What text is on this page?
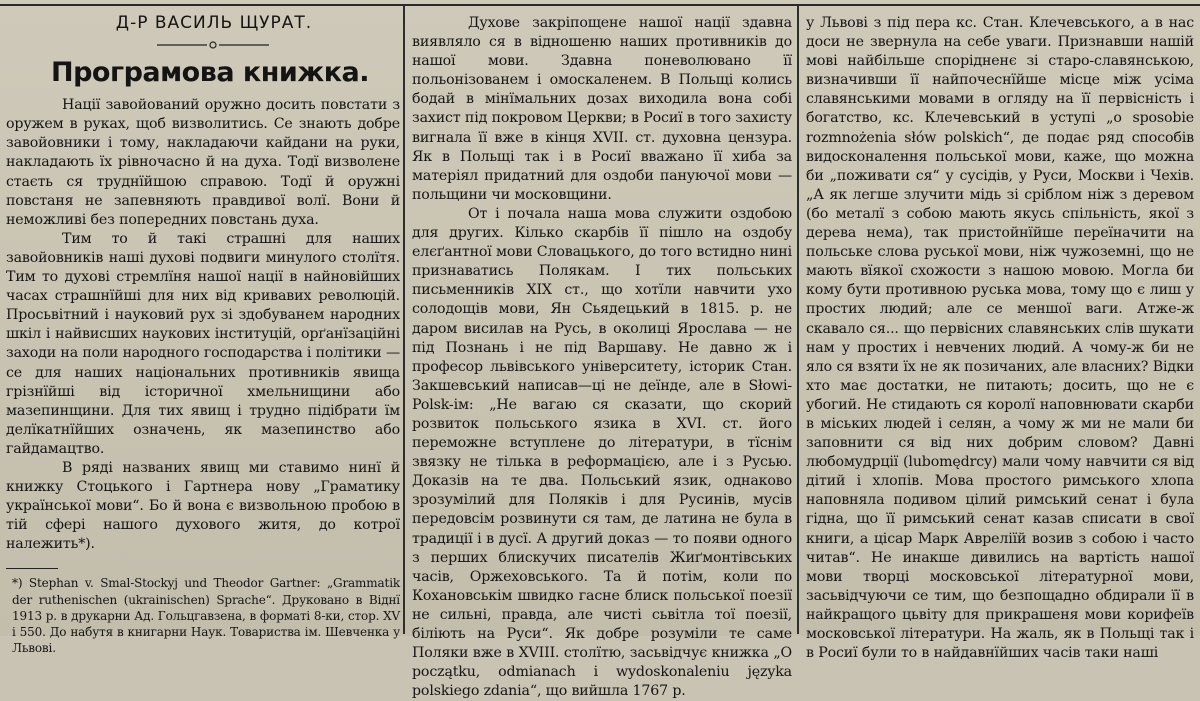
Д-Р ВАСИЛЬ ЩУРАТ.
Програмова книжка.

Нації завойований оружно досить повстати з оружем в руках, щоб визволитись. Се знають добре завойовники і тому, накладаючи кайдани на руки, накладають їх рівночасно й на духа. Тодї визволене стаєть ся труднїйшою справою. Тодї й оружні повстаня не запевняють правдивої волї. Вони й неможливі без попередних повстань духа.

Тим то й такі страшні для наших завойовників наші духові подвиги минулого столїтя. Тим то духові стремлїня нашої нації в найновійших часах страшнїйші для них від кривавих революцій. Просьвітний і науковий рух зі здобуванем народних шкіл і найвисших наукових інституцій, орґанїзаційні заходи на поли народного господарства і політики — се для наших національних противників явища грізнїйші від історичної хмельнищини або мазепинщини. Для тих явищ і трудно підібрати їм делїкатнїйших означень, як мазепинство або гайдамацтво.

В ряді названих явищ ми ставимо нинї й книжку Стоцького і Гартнера нову „Граматику української мови“. Бо й вона є визвольною пробою в тій сфері нашого духового житя, до котрої належить*).

*) Stephan v. Smal-Stockyj und Theodor Gartner: „Grammatik der ruthenischen (ukrainischen) Sprache“. Друковано в Віднї 1913 р. в друкарни Ад. Гольцгавзена, в форматі 8-ки, стор. XV і 550. До набутя в книгарни Наук. Товариства ім. Шевченка у Львові.

Духове закріпощене нашої нації здавна виявляло ся в відношеню наших противників до нашої мови. Здавна поневолювано її польонізованем і омоскаленем. В Польщі колись бодай в мінїмальних дозах виходила вона собі захист під покровом Церкви; в Росиї в того захисту вигнала її вже в кінця XVII. ст. духовна цензура. Як в Польщі так і в Росиї вважано її хиба за матеріял придатний для оздоби пануючої мови — польщини чи московщини.

От і почала наша мова служити оздобою для других. Кілько скарбів її пішло на оздобу елєґантної мови Словацького, до того встидно нині признаватись Полякам. І тих польських письменників XIX ст., що хотїли навчити ухо солодощів мови, Ян Сьядецький в 1815. р. не даром висилав на Русь, в околиці Ярослава — не під Познань і не під Варшаву. Не давно ж і професор львівського університету, історик Стан. Закшевський написав—ці не деїнде, але в Słowi-Polsk-ім: „Не вагаю ся сказати, що скорий розвиток польського язика в XVI. ст. його переможне вступлене до літератури, в тїснім звязку не тілька в реформацією, але і з Русью. Доказів на те два. Польський язик, однаково зрозумілий для Поляків і для Русинів, мусів передовсім розвинути ся там, де латина не була в традиції і в дусї. А другий доказ — то появи одного з перших блискучих писателів Жиґмонтівських часів, Оржеховського. Та й потім, коли по Кохановськім швидко гасне блиск польської поезії не сильні, правда, але чисті сьвітла тої поезії, біліють на Руси“. Як добре розуміли те саме Поляки вже в XVIII. столїтю, засьвідчує книжка „O początku, odmianach i wydoskonaleniu języka polskiego zdania“, що вийшла 1767 р.

у Львові з під пера кс. Стан. Клечевського, а в нас доси не звернула на себе уваги. Признавши нашій мові найбільше спорідненє зі старо-славянською, визначивши її найпочеснїйше місце між усіма славянськими мовами в огляду на її первісність і богатство, кс. Клечевський в уступі „o sposobie rozmnożenia słów polskich“, де подає ряд способів видосконалення польської мови, каже, що можна би „поживати ся“ у сусідів, у Руси, Москви і Чехів. „А як легше злучити мідь зі сріблом ніж з деревом (бо металї з собою мають якусь спільність, якої з дерева нема), так пристойнїйше переїначити на польське слова руської мови, ніж чужоземні, що не мають вїякої схожости з нашою мовою. Могла би кому бути противною руська мова, тому що є лиш у простих людий; але се меншої ваги. Атже-ж скавало ся... що первісних славянських слів шукати нам у простих і невчених людий. А чому-ж би не яло ся взяти їх не як позичаних, але власних? Відки хто має достатки, не питають; досить, що не є убогий. Не стидають ся королї наповнювати скарби в міських людей і селян, а чому ж ми не мали би заповнити ся від них добрим словом? Давні любомудрції (lubomędrcy) мали чому навчити ся від дітий і хлопів. Мова простого римського хлопа наповняла подивом цілий римський сенат і була гідна, що її римський сенат казав списати в свої книги, а цісар Марк Авреліїй возив з собою і часто читав“. Не инакше дивились на вартість нашої мови творці московської літературної мови, засьвідчуючи се тим, що безпощадно обдирали її в найкращого цьвіту для прикрашеня мови корифеїв московської літератури. На жаль, як в Польщі так і в Росиї були то в найдавнїйших часів таки наші
